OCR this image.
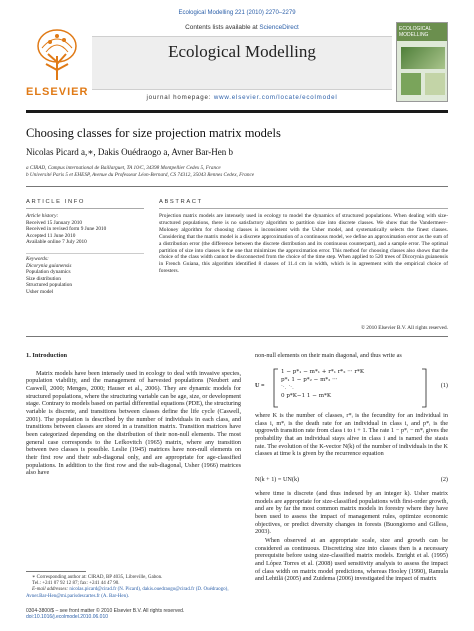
Ecological Modelling 221 (2010) 2270–2279
ELSEVIER
Contents lists available at ScienceDirect
Ecological Modelling
journal homepage: www.elsevier.com/locate/ecolmodel
ECOLOGICAL MODELLING
Choosing classes for size projection matrix models
Nicolas Picard a,∗, Dakis Ouédraogo a, Avner Bar-Hen b
a CIRAD, Campus international de Baillarguet, TA 10/C, 34398 Montpellier Cedex 5, France
b Université Paris 5 et EHESP, Avenue du Professeur Léon-Bernard, CS 74312, 35043 Rennes Cedex, France
ARTICLE INFO	ABSTRACT
Article history:
Received 15 January 2010
Received in revised form 9 June 2010
Accepted 11 June 2010
Available online 7 July 2010
Keywords:
Dicorynia guianensis
Population dynamics
Size distribution
Structured population
Usher model
Projection matrix models are intensely used in ecology to model the dynamics of structured populations. When dealing with size-structured populations, there is no satisfactory algorithm to partition size into discrete classes. We show that the Vandermeer–Moloney algorithm for choosing classes is inconsistent with the Usher model, and systematically selects the finest classes. Considering that the matrix model is a discrete approximation of a continuous model, we define an approximation error as the sum of a distribution error (the difference between the discrete distribution and its continuous counterpart), and a sample error. The optimal partition of size into classes is the one that minimizes the approximation error. This method for choosing classes also shows that the choice of the class width cannot be disconnected from the choice of the time step. When applied to 520 trees of Dicorynia guianensis in French Guiana, this algorithm identified 8 classes of 11.4 cm in width, which is in agreement with the empirical choice of foresters.
© 2010 Elsevier B.V. All rights reserved.
1. Introduction

Matrix models have been intensely used in ecology to deal with invasive species, population viability, and the management of harvested populations (Neubert and Caswell, 2000; Menges, 2000; Hauser et al., 2006). They are dynamic models for structured populations, where the structuring variable can be age, size, or development stage. Contrary to models based on partial differential equations (PDE), the structuring variable is discrete, and transitions between classes define the life cycle (Caswell, 2001). The population is described by the number of individuals in each class, and transitions between classes are stored in a transition matrix. Transition matrices have been categorized depending on the distribution of their non-null elements. The most general case corresponds to the Lefkovitch (1965) matrix, where any transition between two classes is possible. Leslie (1945) matrices have non-null elements on their first row and their sub-diagonal only, and are appropriate for age-classified populations. In addition to the first row and the sub-diagonal, Usher (1966) matrices also have

non-null elements on their main diagonal, and thus write as
U =
1 − p*₁ − m*₁ + r*₁ r*₂ ··· r*K
p*₁ 1 − p*₂ − m*₂ ···
⋱ ⋱
0 p*K−1 1 − m*K
(1)
where K is the number of classes, r*ᵢ is the fecundity for an individual in class i, m*ᵢ is the death rate for an individual in class i, and p*ᵢ is the upgrowth transition rate from class i to i + 1. The rate 1 − p*ᵢ − m*ᵢ gives the probability that an individual stays alive in class i and is named the stasis rate. The evolution of the K-vector N(k) of the number of individuals in the K classes at time k is given by the recurrence equation
N(k + 1) = UN(k)	(2)
where time is discrete (and thus indexed by an integer k). Usher matrix models are appropriate for size-classified populations with first-order growth, and are by far the most common matrix models in forestry where they have been used to assess the impact of management rules, optimize economic objectives, or predict diversity changes in forests (Buongiorno and Gilless, 2003).

When observed at an appropriate scale, size and growth can be considered as continuous. Discretizing size into classes then is a necessary prerequisite before using size-classified matrix models. Enright et al. (1995) and López Torres et al. (2008) used sensitivity analysis to assess the impact of class width on matrix model predictions, whereas Hooley (1990), Ramula and Lehtilä (2005) and Zuidema (2006) investigated the impact of matrix

∗ Corresponding author at: CIRAD, BP 4035, Libreville, Gabon.
Tel.: +241 07 92 12 87; fax: +241 44 47 90.
E-mail addresses: nicolas.picard@cirad.fr (N. Picard), dakis.ouedraogo@cirad.fr (D. Ouédraogo), Avner.Bar-Hen@mi.parisdescartes.fr (A. Bar-Hen).
0304-3800/$ – see front matter © 2010 Elsevier B.V. All rights reserved.
doi:10.1016/j.ecolmodel.2010.06.010
